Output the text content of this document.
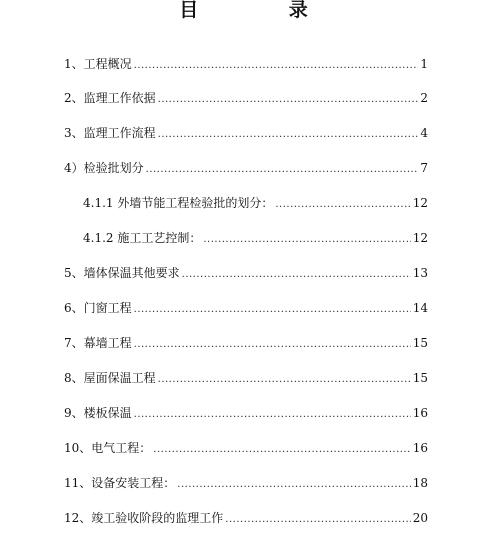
目 录
1、工程概况 .....	1
2、监理工作依据 .....	2
3、监理工作流程 .....	4
4）检验批划分 .....	7
4.1.1 外墙节能工程检验批的划分： .....	12
4.1.2 施工工艺控制： .....	12
5、墙体保温其他要求 .....	13
6、门窗工程 .....	14
7、幕墙工程 .....	15
8、屋面保温工程 .....	15
9、楼板保温 .....	16
10、电气工程： .....	16
11、设备安装工程： .....	18
12、竣工验收阶段的监理工作 .....	20
